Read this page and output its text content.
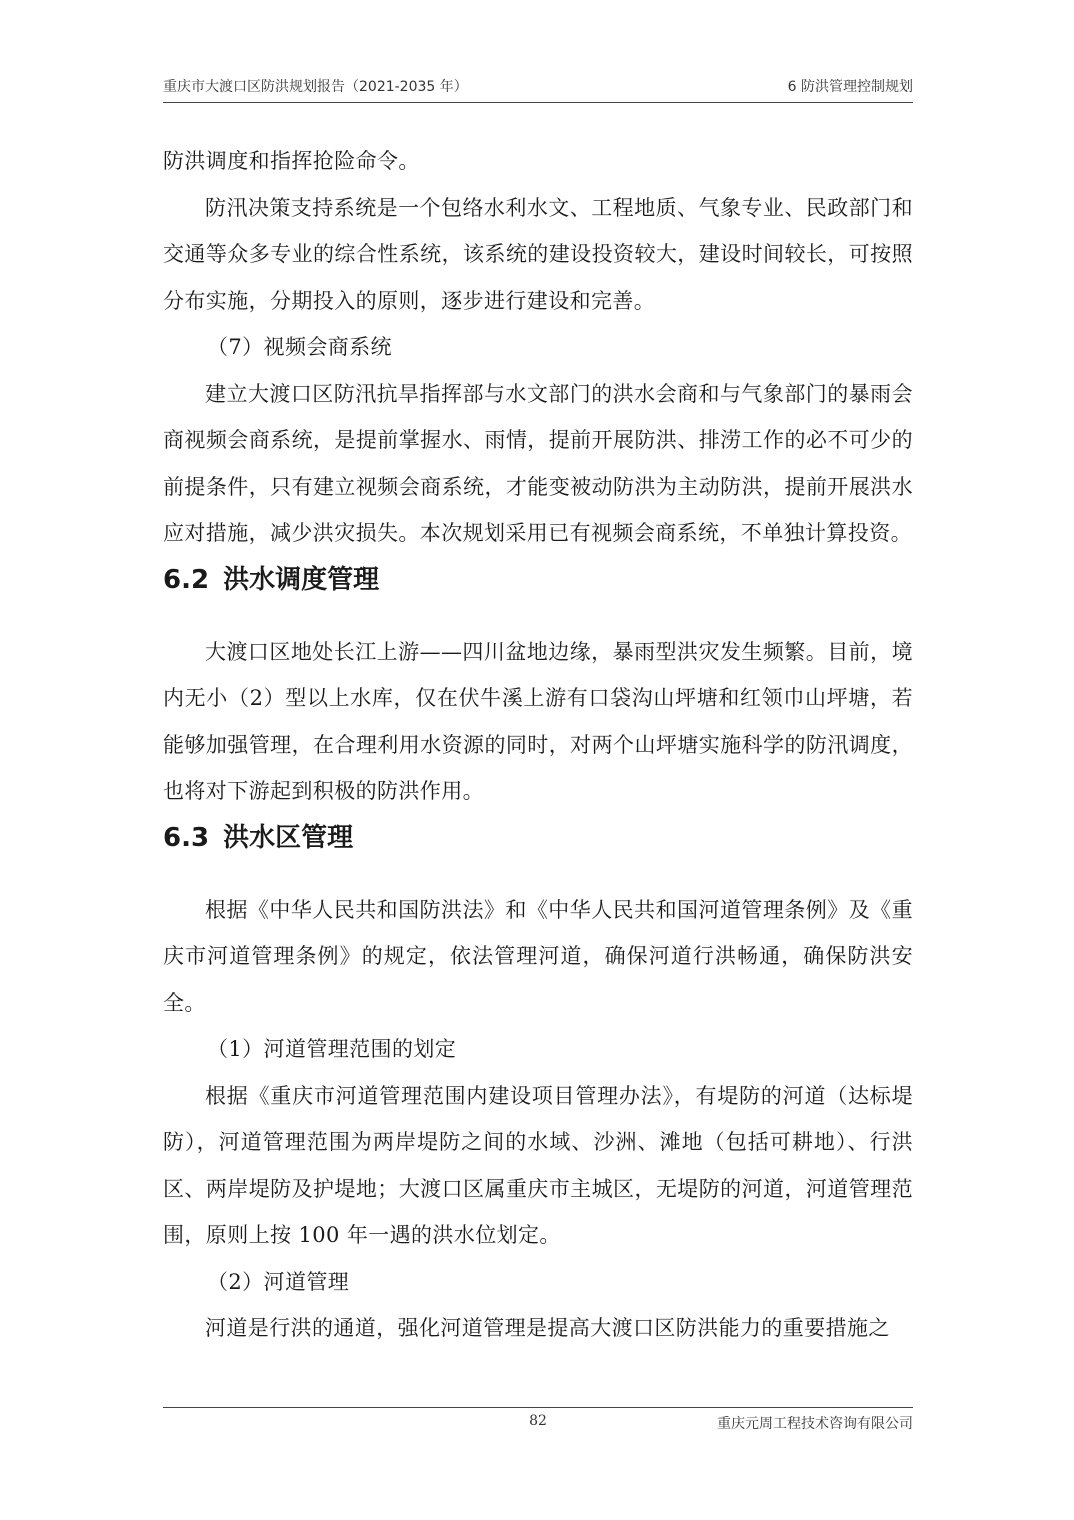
重庆市大渡口区防洪规划报告（2021-2035 年）	6 防洪管理控制规划

防洪调度和指挥抢险命令。

防汛决策支持系统是一个包络水利水文、工程地质、气象专业、民政部门和交通等众多专业的综合性系统，该系统的建设投资较大，建设时间较长，可按照分布实施，分期投入的原则，逐步进行建设和完善。

（7）视频会商系统

建立大渡口区防汛抗旱指挥部与水文部门的洪水会商和与气象部门的暴雨会商视频会商系统，是提前掌握水、雨情，提前开展防洪、排涝工作的必不可少的前提条件，只有建立视频会商系统，才能变被动防洪为主动防洪，提前开展洪水应对措施，减少洪灾损失。本次规划采用已有视频会商系统，不单独计算投资。

6.2 洪水调度管理

大渡口区地处长江上游——四川盆地边缘，暴雨型洪灾发生频繁。目前，境内无小（2）型以上水库，仅在伏牛溪上游有口袋沟山坪塘和红领巾山坪塘，若能够加强管理，在合理利用水资源的同时，对两个山坪塘实施科学的防汛调度，也将对下游起到积极的防洪作用。

6.3 洪水区管理

根据《中华人民共和国防洪法》和《中华人民共和国河道管理条例》及《重庆市河道管理条例》的规定，依法管理河道，确保河道行洪畅通，确保防洪安全。

（1）河道管理范围的划定

根据《重庆市河道管理范围内建设项目管理办法》，有堤防的河道（达标堤防），河道管理范围为两岸堤防之间的水域、沙洲、滩地（包括可耕地）、行洪区、两岸堤防及护堤地；大渡口区属重庆市主城区，无堤防的河道，河道管理范围，原则上按 100 年一遇的洪水位划定。

（2）河道管理

河道是行洪的通道，强化河道管理是提高大渡口区防洪能力的重要措施之

82	重庆元周工程技术咨询有限公司
